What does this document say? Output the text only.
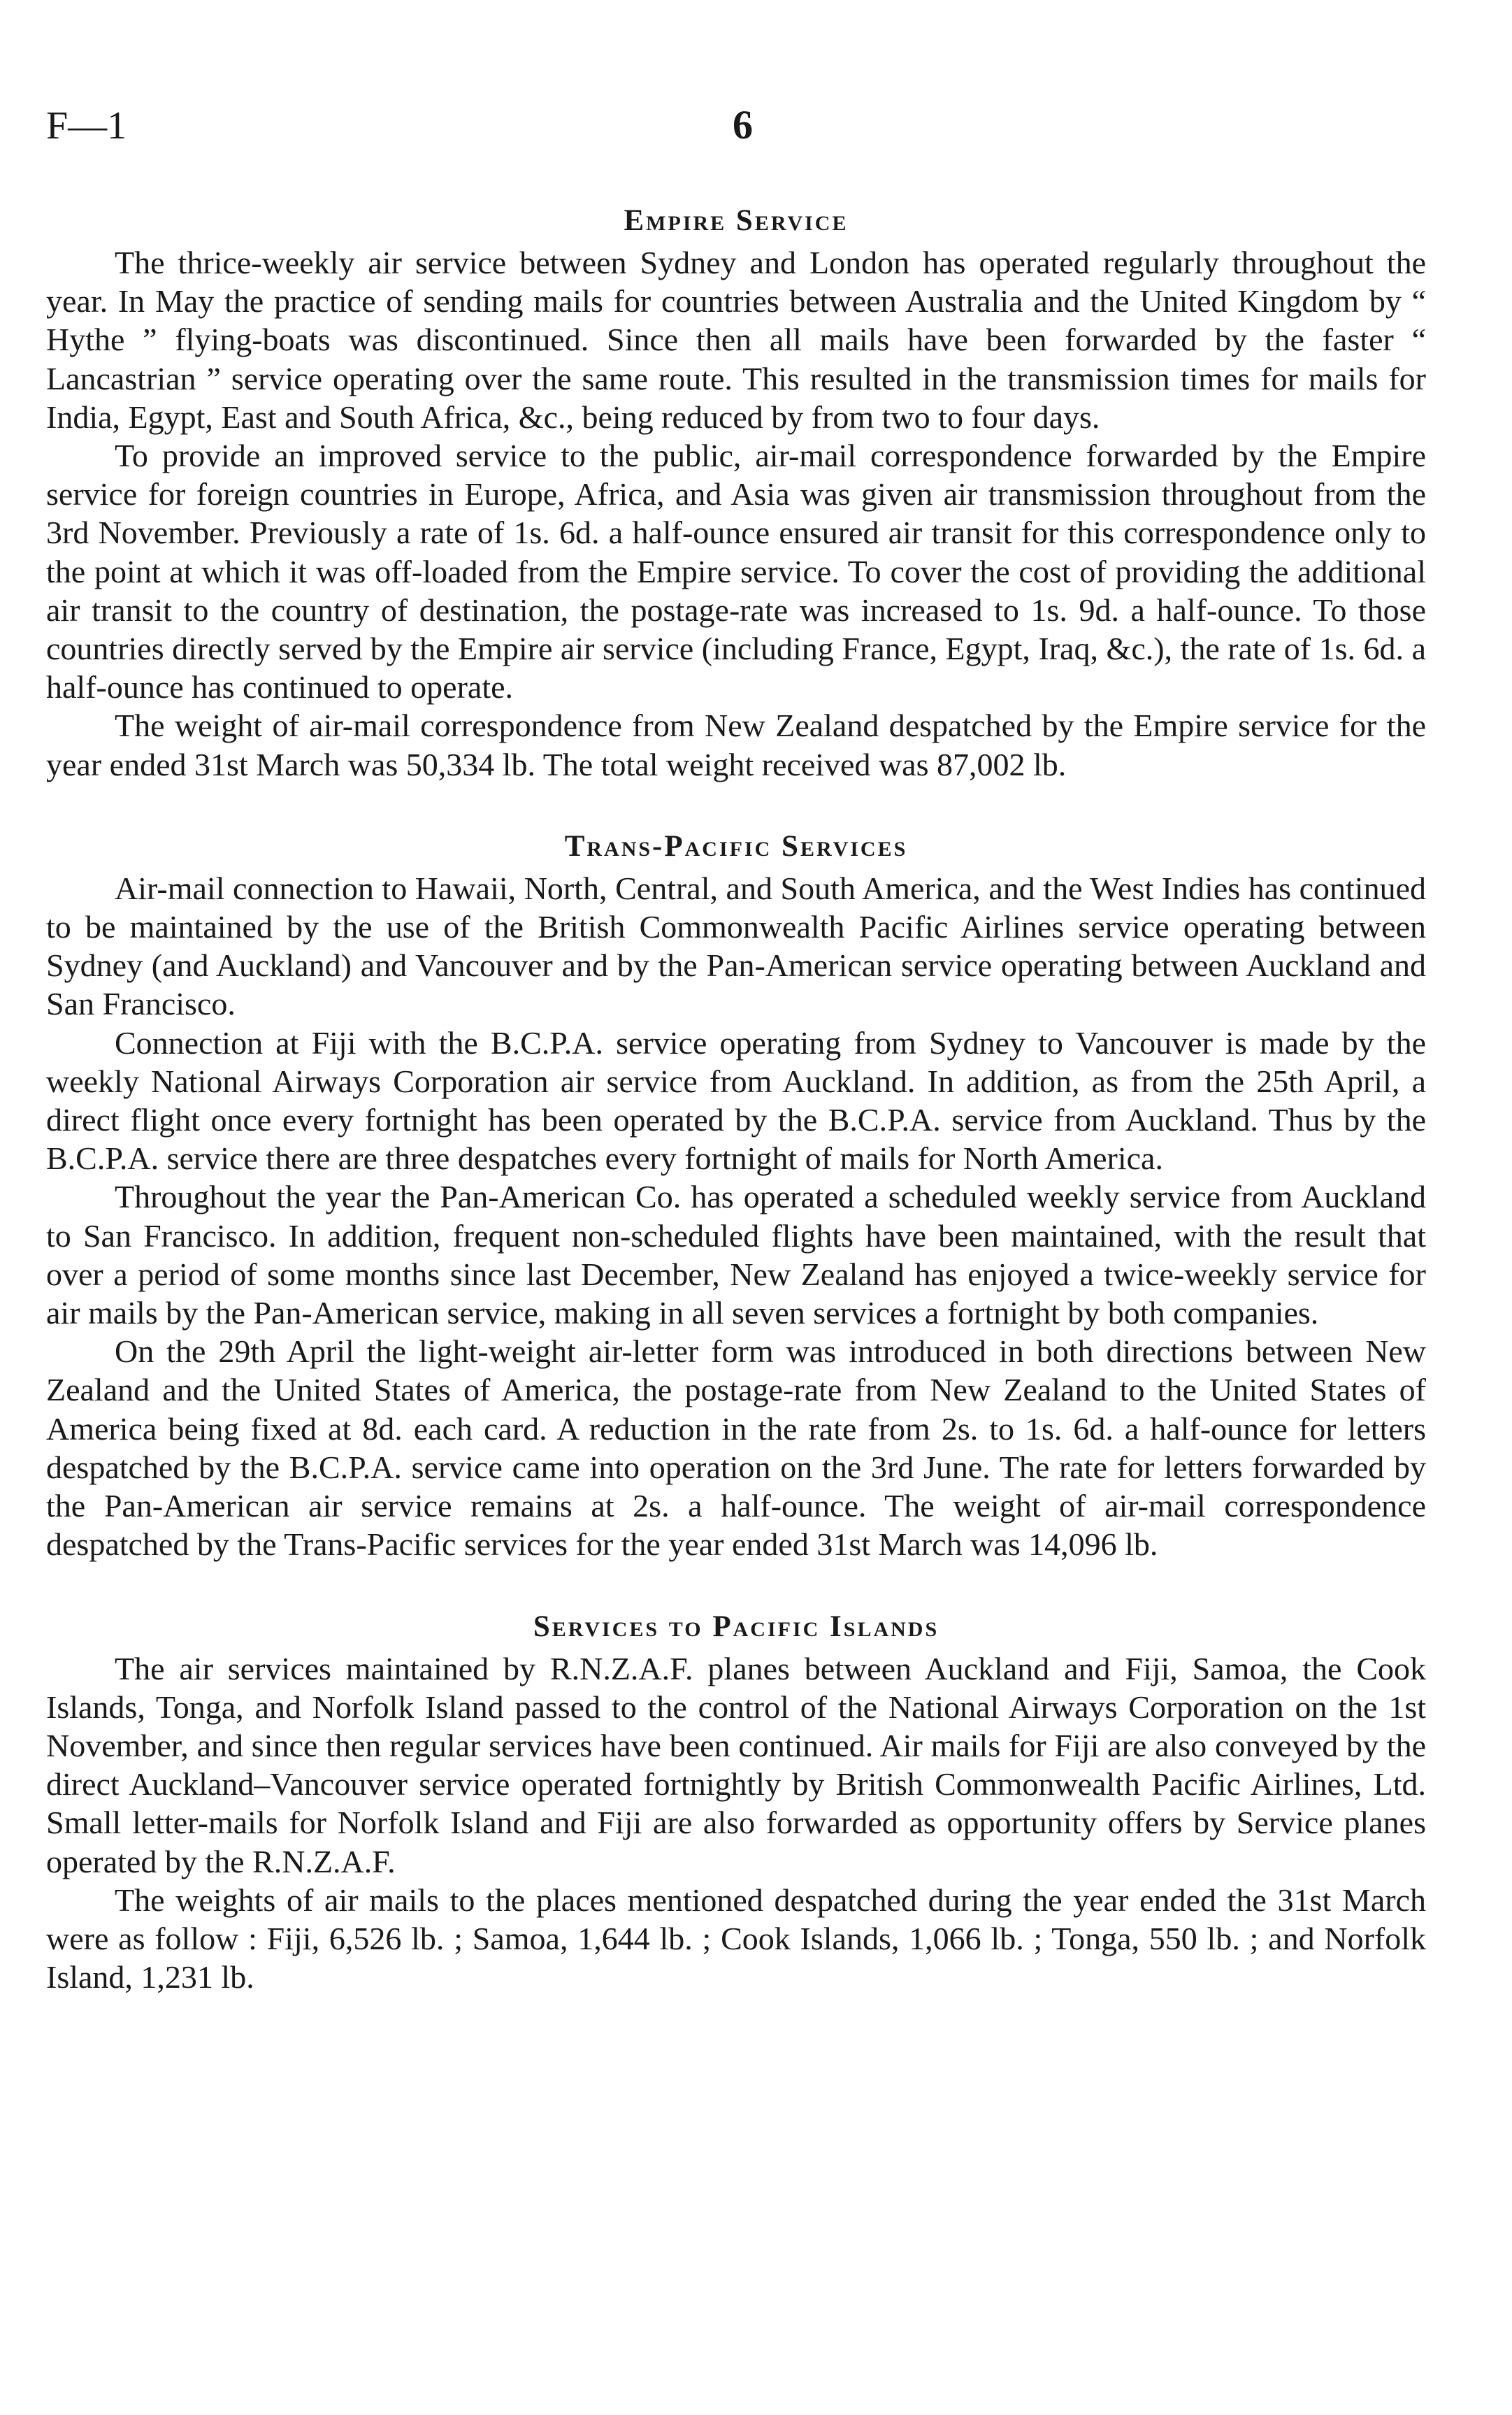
F—1	6
Empire Service

The thrice-weekly air service between Sydney and London has operated regularly throughout the year. In May the practice of sending mails for countries between Australia and the United Kingdom by “ Hythe ” flying-boats was discontinued. Since then all mails have been forwarded by the faster “ Lancastrian ” service operating over the same route. This resulted in the transmission times for mails for India, Egypt, East and South Africa, &c., being reduced by from two to four days.

To provide an improved service to the public, air-mail correspondence forwarded by the Empire service for foreign countries in Europe, Africa, and Asia was given air transmission throughout from the 3rd November. Previously a rate of 1s. 6d. a half-ounce ensured air transit for this correspondence only to the point at which it was off-loaded from the Empire service. To cover the cost of providing the additional air transit to the country of destination, the postage-rate was increased to 1s. 9d. a half-ounce. To those countries directly served by the Empire air service (including France, Egypt, Iraq, &c.), the rate of 1s. 6d. a half-ounce has continued to operate.

The weight of air-mail correspondence from New Zealand despatched by the Empire service for the year ended 31st March was 50,334 lb. The total weight received was 87,002 lb.

Trans-Pacific Services

Air-mail connection to Hawaii, North, Central, and South America, and the West Indies has continued to be maintained by the use of the British Commonwealth Pacific Airlines service operating between Sydney (and Auckland) and Vancouver and by the Pan-American service operating between Auckland and San Francisco.

Connection at Fiji with the B.C.P.A. service operating from Sydney to Vancouver is made by the weekly National Airways Corporation air service from Auckland. In addition, as from the 25th April, a direct flight once every fortnight has been operated by the B.C.P.A. service from Auckland. Thus by the B.C.P.A. service there are three despatches every fortnight of mails for North America.

Throughout the year the Pan-American Co. has operated a scheduled weekly service from Auckland to San Francisco. In addition, frequent non-scheduled flights have been maintained, with the result that over a period of some months since last December, New Zealand has enjoyed a twice-weekly service for air mails by the Pan-American service, making in all seven services a fortnight by both companies.

On the 29th April the light-weight air-letter form was introduced in both directions between New Zealand and the United States of America, the postage-rate from New Zealand to the United States of America being fixed at 8d. each card. A reduction in the rate from 2s. to 1s. 6d. a half-ounce for letters despatched by the B.C.P.A. service came into operation on the 3rd June. The rate for letters forwarded by the Pan-American air service remains at 2s. a half-ounce. The weight of air-mail correspondence despatched by the Trans-Pacific services for the year ended 31st March was 14,096 lb.

Services to Pacific Islands

The air services maintained by R.N.Z.A.F. planes between Auckland and Fiji, Samoa, the Cook Islands, Tonga, and Norfolk Island passed to the control of the National Airways Corporation on the 1st November, and since then regular services have been continued. Air mails for Fiji are also conveyed by the direct Auckland–Vancouver service operated fortnightly by British Commonwealth Pacific Airlines, Ltd. Small letter-mails for Norfolk Island and Fiji are also forwarded as opportunity offers by Service planes operated by the R.N.Z.A.F.

The weights of air mails to the places mentioned despatched during the year ended the 31st March were as follow : Fiji, 6,526 lb. ; Samoa, 1,644 lb. ; Cook Islands, 1,066 lb. ; Tonga, 550 lb. ; and Norfolk Island, 1,231 lb.
